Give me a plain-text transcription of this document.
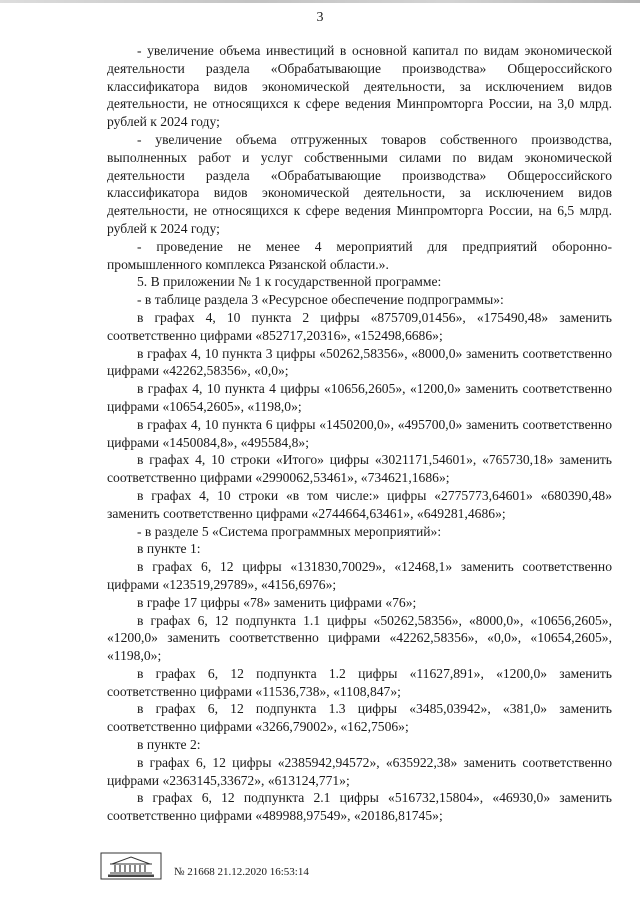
3

- увеличение объема инвестиций в основной капитал по видам экономической деятельности раздела «Обрабатывающие производства» Общероссийского классификатора видов экономической деятельности, за исключением видов деятельности, не относящихся к сфере ведения Минпромторга России, на 3,0 млрд. рублей к 2024 году;

- увеличение объема отгруженных товаров собственного производства, выполненных работ и услуг собственными силами по видам экономической деятельности раздела «Обрабатывающие производства» Общероссийского классификатора видов экономической деятельности, за исключением видов деятельности, не относящихся к сфере ведения Минпромторга России, на 6,5 млрд. рублей к 2024 году;

- проведение не менее 4 мероприятий для предприятий оборонно-промышленного комплекса Рязанской области.».

5. В приложении № 1 к государственной программе:

- в таблице раздела 3 «Ресурсное обеспечение подпрограммы»:

в графах 4, 10 пункта 2 цифры «875709,01456», «175490,48» заменить соответственно цифрами «852717,20316», «152498,6686»;

в графах 4, 10 пункта 3 цифры «50262,58356», «8000,0» заменить соответственно цифрами «42262,58356», «0,0»;

в графах 4, 10 пункта 4 цифры «10656,2605», «1200,0» заменить соответственно цифрами «10654,2605», «1198,0»;

в графах 4, 10 пункта 6 цифры «1450200,0», «495700,0» заменить соответственно цифрами «1450084,8», «495584,8»;

в графах 4, 10 строки «Итого» цифры «3021171,54601», «765730,18» заменить соответственно цифрами «2990062,53461», «734621,1686»;

в графах 4, 10 строки «в том числе:» цифры «2775773,64601» «680390,48» заменить соответственно цифрами «2744664,63461», «649281,4686»;

- в разделе 5 «Система программных мероприятий»:

в пункте 1:

в графах 6, 12 цифры «131830,70029», «12468,1» заменить соответственно цифрами «123519,29789», «4156,6976»;

в графе 17 цифры «78» заменить цифрами «76»;

в графах 6, 12 подпункта 1.1 цифры «50262,58356», «8000,0», «10656,2605», «1200,0» заменить соответственно цифрами «42262,58356», «0,0», «10654,2605», «1198,0»;

в графах 6, 12 подпункта 1.2 цифры «11627,891», «1200,0» заменить соответственно цифрами «11536,738», «1108,847»;

в графах 6, 12 подпункта 1.3 цифры «3485,03942», «381,0» заменить соответственно цифрами «3266,79002», «162,7506»;

в пункте 2:

в графах 6, 12 цифры «2385942,94572», «635922,38» заменить соответственно цифрами «2363145,33672», «613124,771»;

в графах 6, 12 подпункта 2.1 цифры «516732,15804», «46930,0» заменить соответственно цифрами «489988,97549», «20186,81745»;

№ 21668 21.12.2020 16:53:14
